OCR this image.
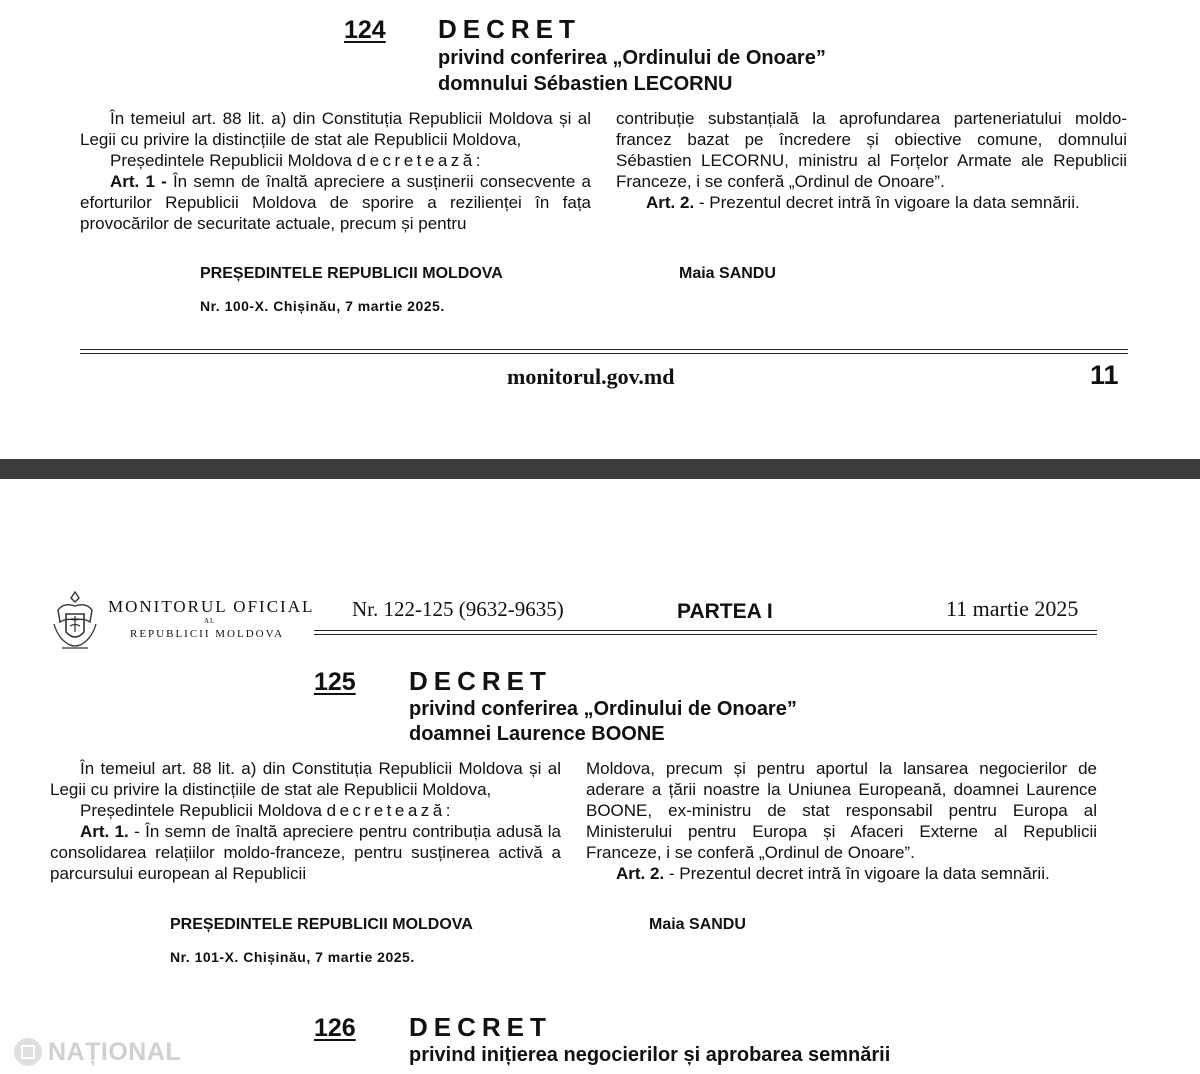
124 DECRET
privind conferirea „Ordinului de Onoare”
domnului Sébastien LECORNU

În temeiul art. 88 lit. a) din Constituția Republicii Moldova și al Legii cu privire la distincțiile de stat ale Republicii Moldova,

Președintele Republicii Moldova decretează:

Art. 1 - În semn de înaltă apreciere a susținerii consecvente a eforturilor Republicii Moldova de sporire a rezilienței în fața provocărilor de securitate actuale, precum și pentru

contribuție substanțială la aprofundarea parteneriatului moldo-francez bazat pe încredere și obiective comune, domnului Sébastien LECORNU, ministru al Forțelor Armate ale Republicii Franceze, i se conferă „Ordinul de Onoare”.

Art. 2. - Prezentul decret intră în vigoare la data semnării.

PREȘEDINTELE REPUBLICII MOLDOVA	Maia SANDU
Nr. 100-X. Chișinău, 7 martie 2025.
monitorul.gov.md	11
MONITORUL OFICIAL
AL
REPUBLICII MOLDOVA
Nr. 122-125 (9632-9635)	PARTEA I	11 martie 2025
125 DECRET
privind conferirea „Ordinului de Onoare”
doamnei Laurence BOONE

În temeiul art. 88 lit. a) din Constituția Republicii Moldova și al Legii cu privire la distincțiile de stat ale Republicii Moldova,

Președintele Republicii Moldova decretează:

Art. 1. - În semn de înaltă apreciere pentru contribuția adusă la consolidarea relațiilor moldo-franceze, pentru susținerea activă a parcursului european al Republicii

Moldova, precum și pentru aportul la lansarea negocierilor de aderare a țării noastre la Uniunea Europeană, doamnei Laurence BOONE, ex-ministru de stat responsabil pentru Europa al Ministerului pentru Europa și Afaceri Externe al Republicii Franceze, i se conferă „Ordinul de Onoare”.

Art. 2. - Prezentul decret intră în vigoare la data semnării.

PREȘEDINTELE REPUBLICII MOLDOVA	Maia SANDU
Nr. 101-X. Chișinău, 7 martie 2025.
126 DECRET
privind inițierea negocierilor și aprobarea semnării
NAȚIONAL
